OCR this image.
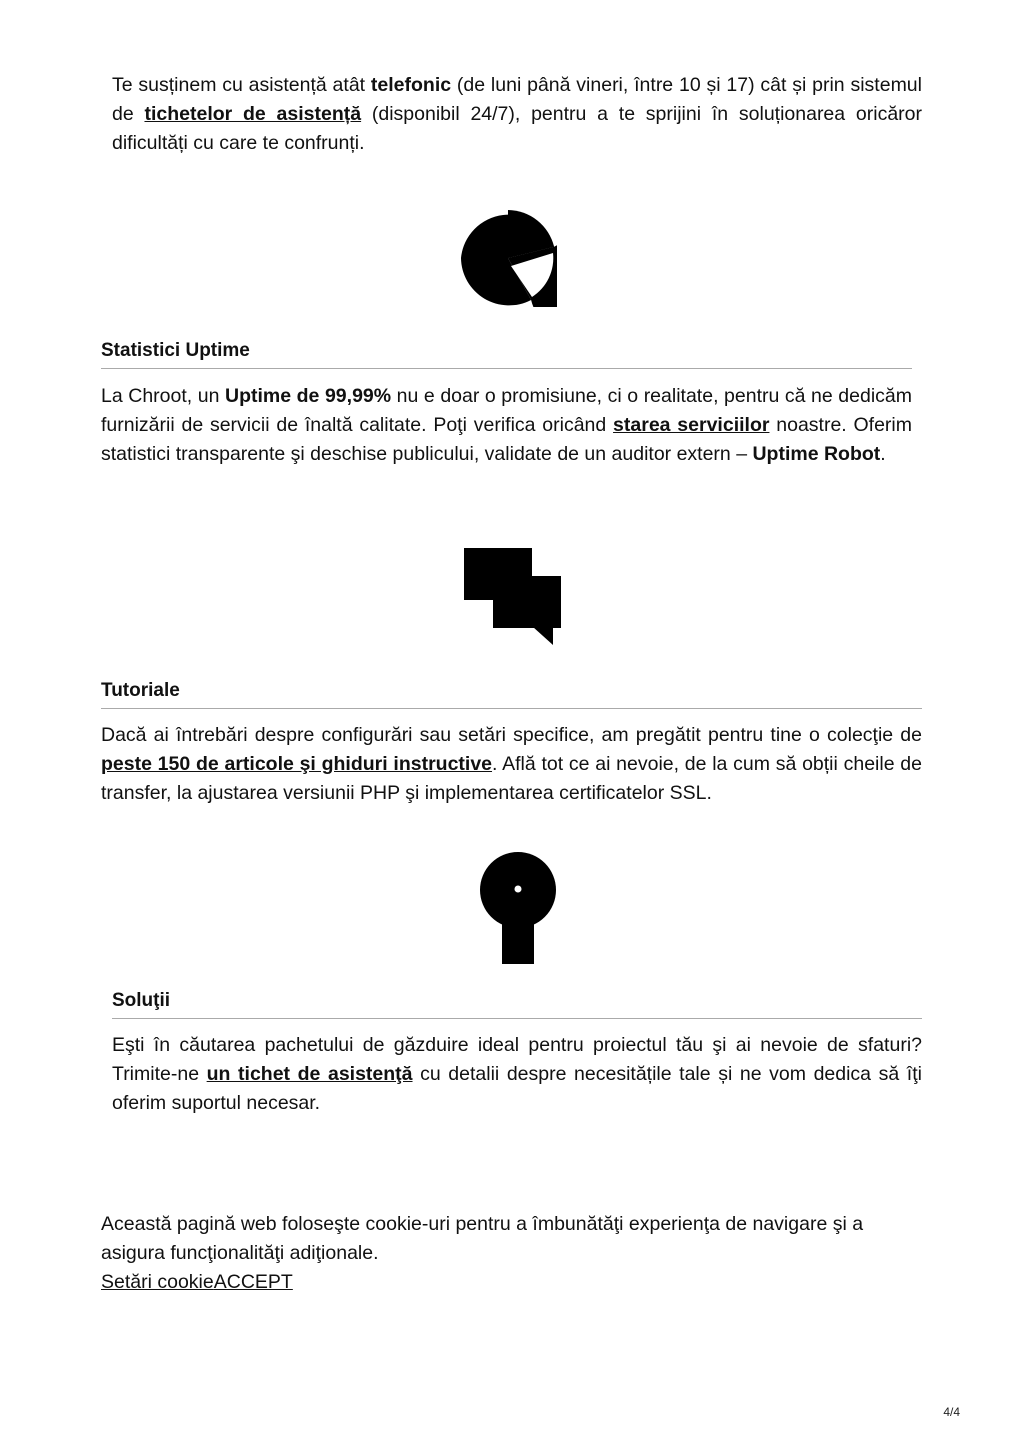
Te susținem cu asistență atât telefonic (de luni până vineri, între 10 și 17) cât și prin sistemul de tichetelor de asistență (disponibil 24/7), pentru a te sprijini în soluționarea oricăror dificultăți cu care te confrunți.

Statistici Uptime

La Chroot, un Uptime de 99,99% nu e doar o promisiune, ci o realitate, pentru că ne dedicăm furnizării de servicii de înaltă calitate. Poţi verifica oricând starea serviciilor noastre. Oferim statistici transparente şi deschise publicului, validate de un auditor extern – Uptime Robot.

Tutoriale

Dacă ai întrebări despre configurări sau setări specifice, am pregătit pentru tine o colecţie de peste 150 de articole şi ghiduri instructive. Află tot ce ai nevoie, de la cum să obții cheile de transfer, la ajustarea versiunii PHP şi implementarea certificatelor SSL.

Soluţii

Eşti în căutarea pachetului de găzduire ideal pentru proiectul tău şi ai nevoie de sfaturi? Trimite-ne un tichet de asistenţă cu detalii despre necesitățile tale și ne vom dedica să îţi oferim suportul necesar.

Această pagină web foloseşte cookie-uri pentru a îmbunătăţi experienţa de navigare şi a asigura funcţionalităţi adiţionale.

Setări cookieACCEPT

4/4
